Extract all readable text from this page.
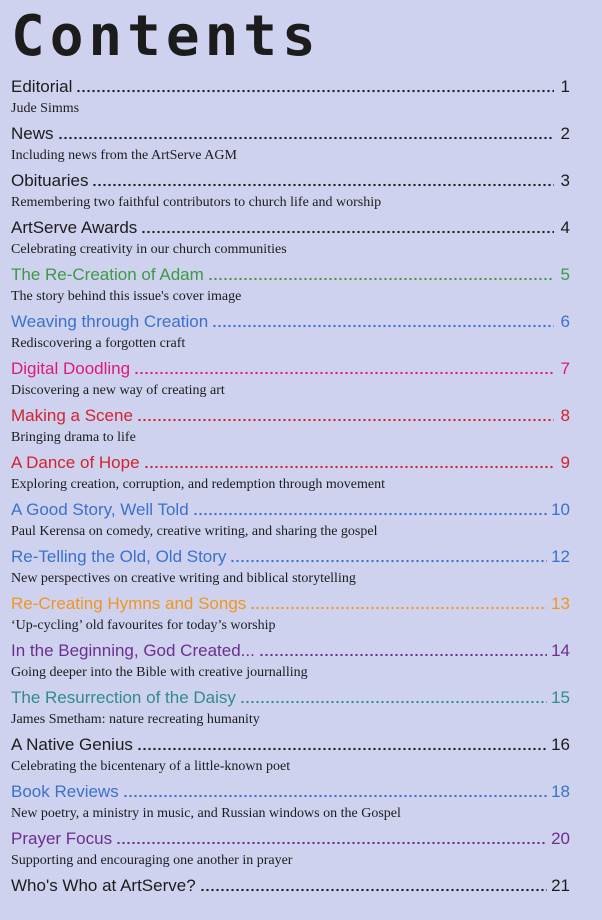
Contents
Editorial	1
Jude Simms
News	2
Including news from the ArtServe AGM
Obituaries	3
Remembering two faithful contributors to church life and worship
ArtServe Awards	4
Celebrating creativity in our church communities
The Re-Creation of Adam	5
The story behind this issue's cover image
Weaving through Creation	6
Rediscovering a forgotten craft
Digital Doodling	7
Discovering a new way of creating art
Making a Scene	8
Bringing drama to life
A Dance of Hope	9
Exploring creation, corruption, and redemption through movement
A Good Story, Well Told	10
Paul Kerensa on comedy, creative writing, and sharing the gospel
Re-Telling the Old, Old Story	12
New perspectives on creative writing and biblical storytelling
Re-Creating Hymns and Songs	13
‘Up-cycling’ old favourites for today’s worship
In the Beginning, God Created...	14
Going deeper into the Bible with creative journalling
The Resurrection of the Daisy	15
James Smetham: nature recreating humanity
A Native Genius	16
Celebrating the bicentenary of a little-known poet
Book Reviews	18
New poetry, a ministry in music, and Russian windows on the Gospel
Prayer Focus	20
Supporting and encouraging one another in prayer
Who's Who at ArtServe?	21
